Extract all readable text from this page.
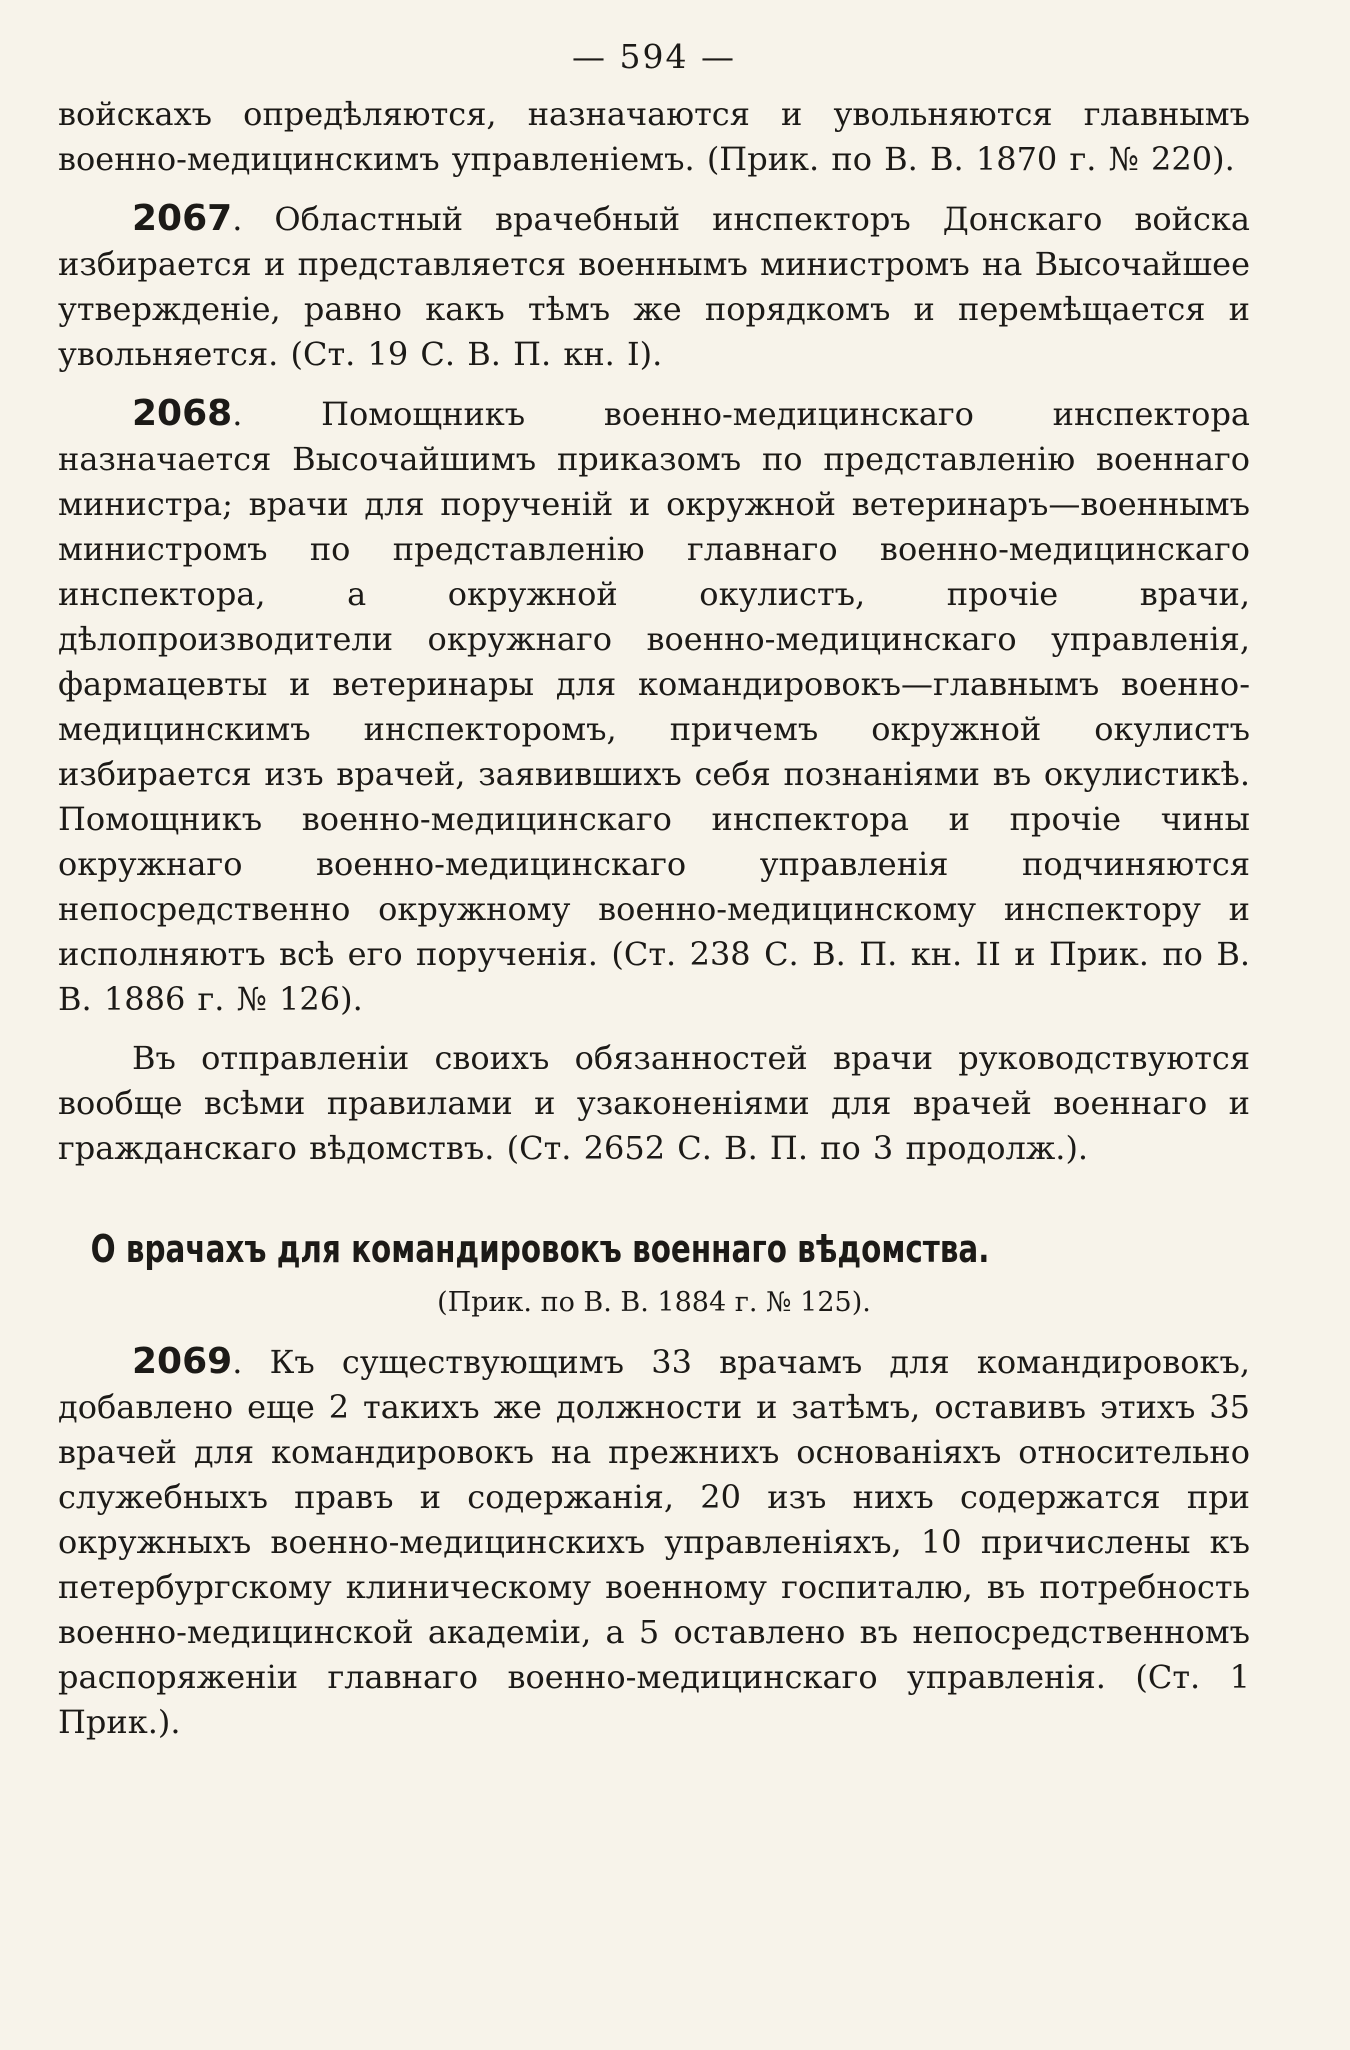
— 594 —

войскахъ опредѣляются, назначаются и увольняются главнымъ военно-медицинскимъ управленіемъ. (Прик. по В. В. 1870 г. № 220).

2067. Областный врачебный инспекторъ Донскаго войска избирается и представляется военнымъ министромъ на Высочайшее утвержденіе, равно какъ тѣмъ же порядкомъ и перемѣщается и увольняется. (Ст. 19 С. В. П. кн. I).

2068. Помощникъ военно-медицинскаго инспектора назначается Высочайшимъ приказомъ по представленію военнаго министра; врачи для порученій и окружной ветеринаръ—военнымъ министромъ по представленію главнаго военно-медицинскаго инспектора, а окружной окулистъ, прочіе врачи, дѣлопроизводители окружнаго военно-медицинскаго управленія, фармацевты и ветеринары для командировокъ—главнымъ военно-медицинскимъ инспекторомъ, причемъ окружной окулистъ избирается изъ врачей, заявившихъ себя познаніями въ окулистикѣ. Помощникъ военно-медицинскаго инспектора и прочіе чины окружнаго военно-медицинскаго управленія подчиняются непосредственно окружному военно-медицинскому инспектору и исполняютъ всѣ его порученія. (Ст. 238 С. В. П. кн. II и Прик. по В. В. 1886 г. № 126).

Въ отправленіи своихъ обязанностей врачи руководствуются вообще всѣми правилами и узаконеніями для врачей военнаго и гражданскаго вѣдомствъ. (Ст. 2652 С. В. П. по 3 продолж.).

О врачахъ для командировокъ военнаго вѣдомства.
(Прик. по В. В. 1884 г. № 125).

2069. Къ существующимъ 33 врачамъ для командировокъ, добавлено еще 2 такихъ же должности и затѣмъ, оставивъ этихъ 35 врачей для командировокъ на прежнихъ основаніяхъ относительно служебныхъ правъ и содержанія, 20 изъ нихъ содержатся при окружныхъ военно-медицинскихъ управленіяхъ, 10 причислены къ петербургскому клиническому военному госпиталю, въ потребность военно-медицинской академіи, а 5 оставлено въ непосредственномъ распоряженіи главнаго военно-медицинскаго управленія. (Ст. 1 Прик.).
